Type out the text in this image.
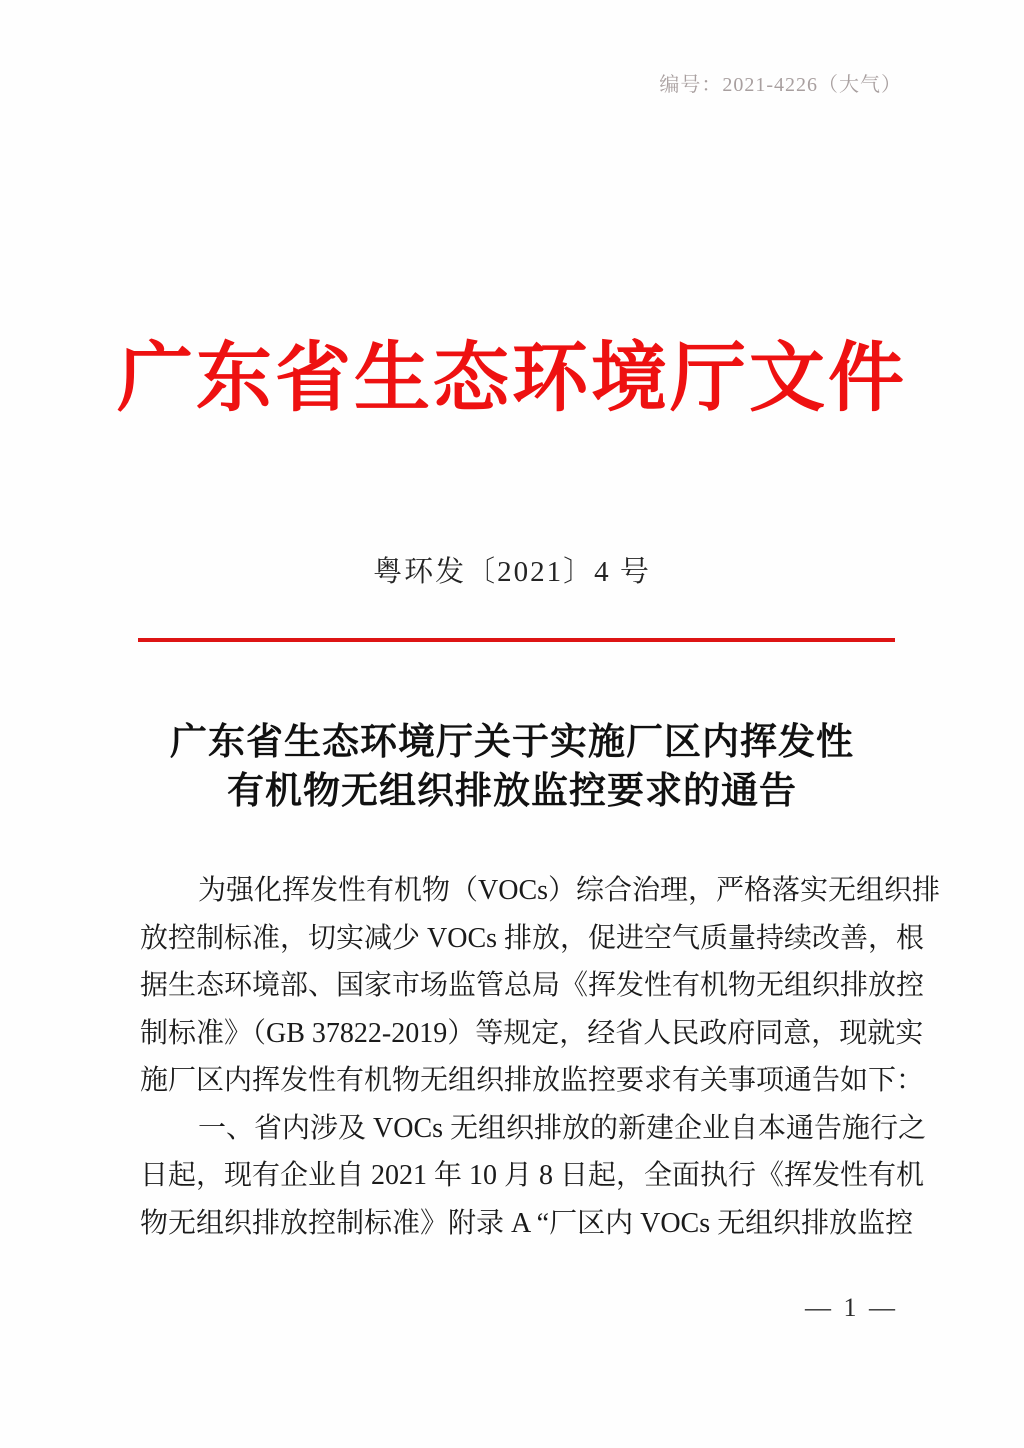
编号：2021-4226（大气）
广东省生态环境厅文件
粤环发〔2021〕4 号
广东省生态环境厅关于实施厂区内挥发性
有机物无组织排放监控要求的通告
为强化挥发性有机物（VOCs）综合治理，严格落实无组织排
放控制标准，切实减少 VOCs 排放，促进空气质量持续改善，根
据生态环境部、国家市场监管总局《挥发性有机物无组织排放控
制标准》（GB 37822-2019）等规定，经省人民政府同意，现就实
施厂区内挥发性有机物无组织排放监控要求有关事项通告如下：
一、省内涉及 VOCs 无组织排放的新建企业自本通告施行之
日起，现有企业自 2021 年 10 月 8 日起，全面执行《挥发性有机
物无组织排放控制标准》附录 A “厂区内 VOCs 无组织排放监控
— 1 —
